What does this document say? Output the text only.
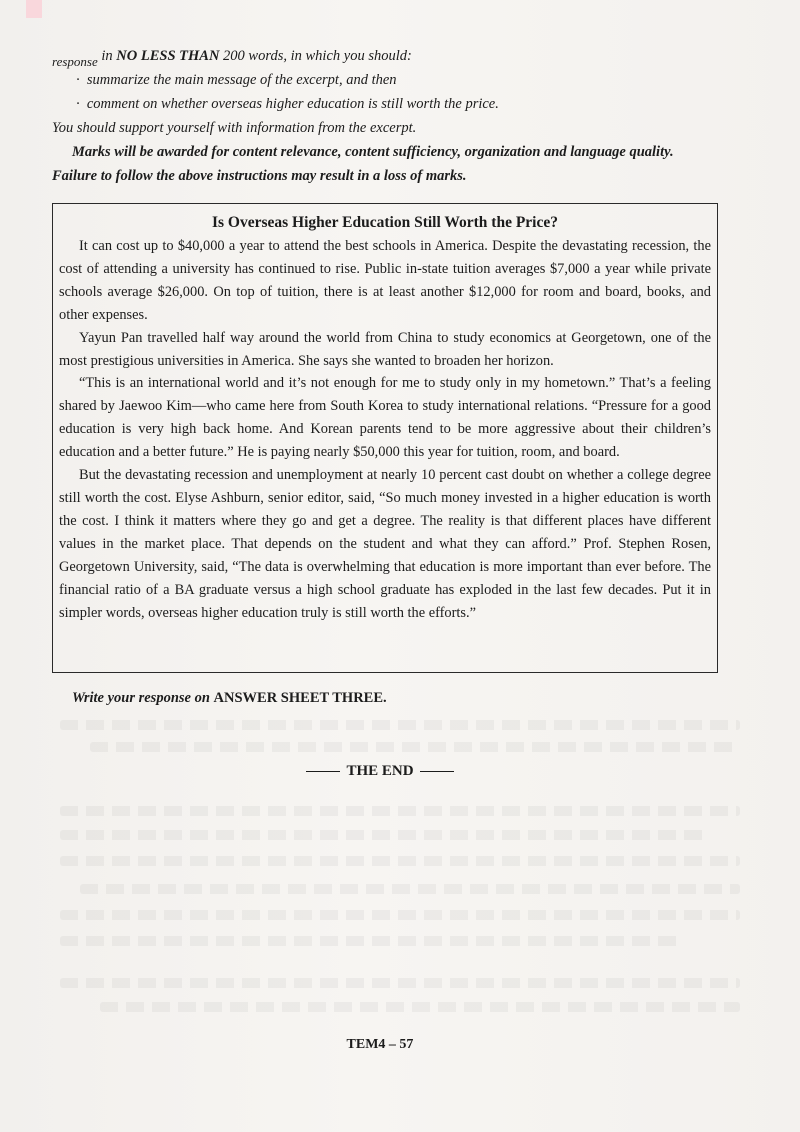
response in NO LESS THAN 200 words, in which you should:

· summarize the main message of the excerpt, and then

· comment on whether overseas higher education is still worth the price.

You should support yourself with information from the excerpt.

Marks will be awarded for content relevance, content sufficiency, organization and language quality.

Failure to follow the above instructions may result in a loss of marks.

Is Overseas Higher Education Still Worth the Price?

It can cost up to $40,000 a year to attend the best schools in America. Despite the devastating recession, the cost of attending a university has continued to rise. Public in-state tuition averages $7,000 a year while private schools average $26,000. On top of tuition, there is at least another $12,000 for room and board, books, and other expenses.

Yayun Pan travelled half way around the world from China to study economics at Georgetown, one of the most prestigious universities in America. She says she wanted to broaden her horizon.

“This is an international world and it’s not enough for me to study only in my hometown.” That’s a feeling shared by Jaewoo Kim—who came here from South Korea to study international relations. “Pressure for a good education is very high back home. And Korean parents tend to be more aggressive about their children’s education and a better future.” He is paying nearly $50,000 this year for tuition, room, and board.

But the devastating recession and unemployment at nearly 10 percent cast doubt on whether a college degree still worth the cost. Elyse Ashburn, senior editor, said, “So much money invested in a higher education is worth the cost. I think it matters where they go and get a degree. The reality is that different places have different values in the market place. That depends on the student and what they can afford.” Prof. Stephen Rosen, Georgetown University, said, “The data is overwhelming that education is more important than ever before. The financial ratio of a BA graduate versus a high school graduate has exploded in the last few decades. Put it in simpler words, overseas higher education truly is still worth the efforts.”

Write your response on ANSWER SHEET THREE.
THE END
TEM4 – 57
